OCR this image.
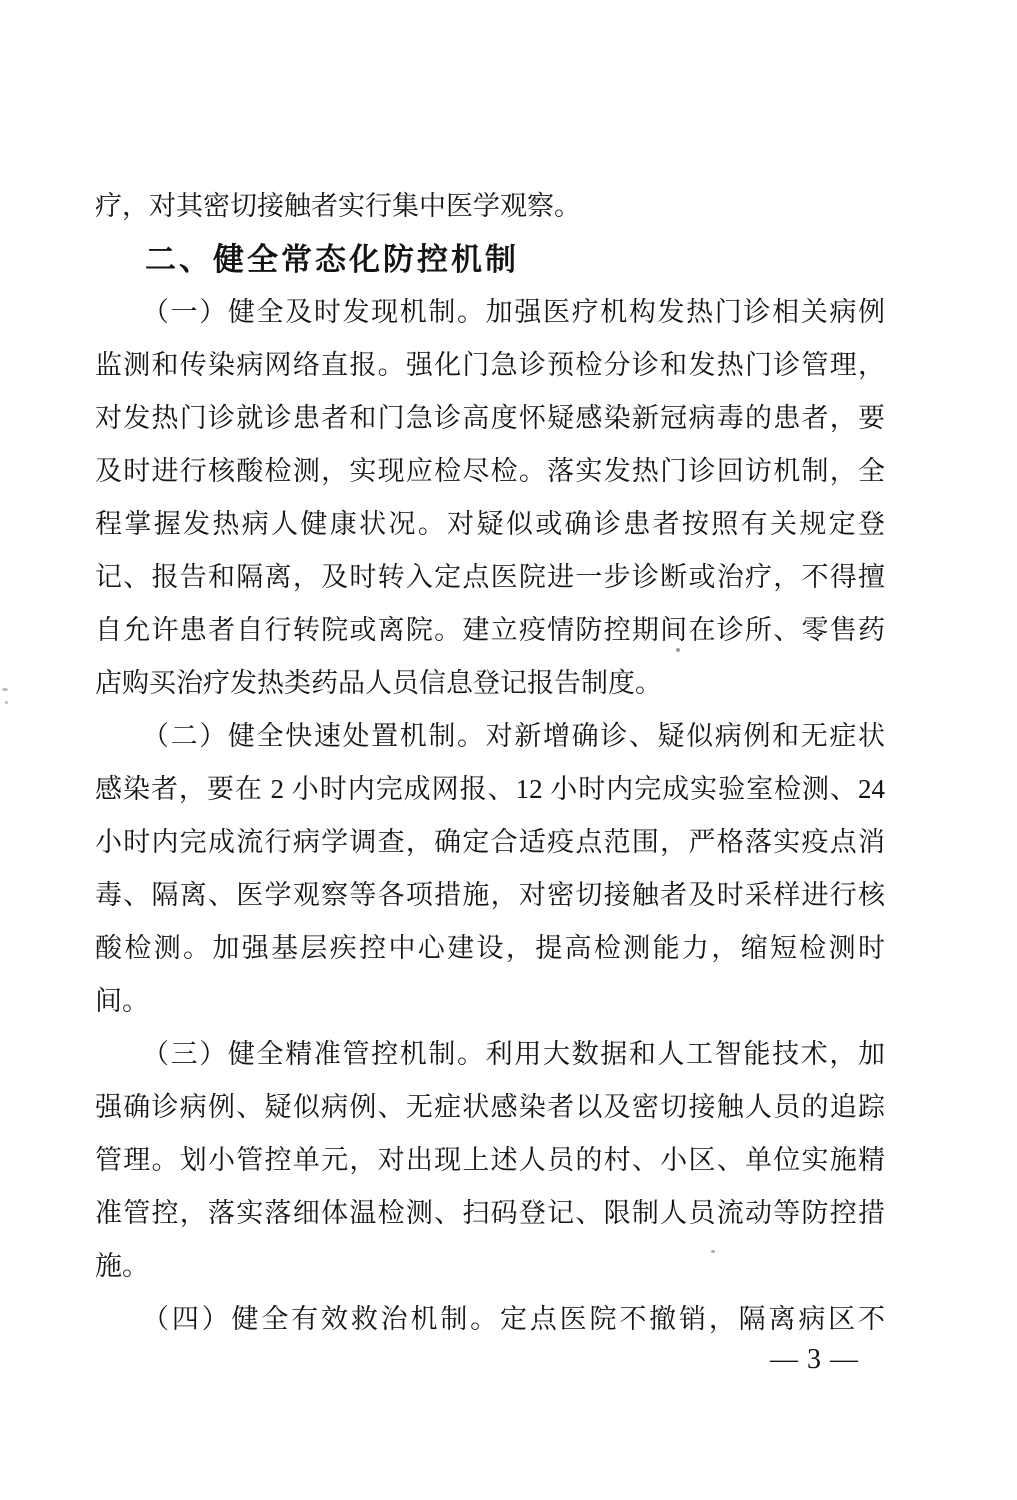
疗，对其密切接触者实行集中医学观察。
二、健全常态化防控机制
（一）健全及时发现机制。加强医疗机构发热门诊相关病例
监测和传染病网络直报。强化门急诊预检分诊和发热门诊管理，
对发热门诊就诊患者和门急诊高度怀疑感染新冠病毒的患者，要
及时进行核酸检测，实现应检尽检。落实发热门诊回访机制，全
程掌握发热病人健康状况。对疑似或确诊患者按照有关规定登
记、报告和隔离，及时转入定点医院进一步诊断或治疗，不得擅
自允许患者自行转院或离院。建立疫情防控期间在诊所、零售药
店购买治疗发热类药品人员信息登记报告制度。
（二）健全快速处置机制。对新增确诊、疑似病例和无症状
感染者，要在 2 小时内完成网报、12 小时内完成实验室检测、24
小时内完成流行病学调查，确定合适疫点范围，严格落实疫点消
毒、隔离、医学观察等各项措施，对密切接触者及时采样进行核
酸检测。加强基层疾控中心建设，提高检测能力，缩短检测时
间。
（三）健全精准管控机制。利用大数据和人工智能技术，加
强确诊病例、疑似病例、无症状感染者以及密切接触人员的追踪
管理。划小管控单元，对出现上述人员的村、小区、单位实施精
准管控，落实落细体温检测、扫码登记、限制人员流动等防控措
施。
（四）健全有效救治机制。定点医院不撤销，隔离病区不
— 3 —
